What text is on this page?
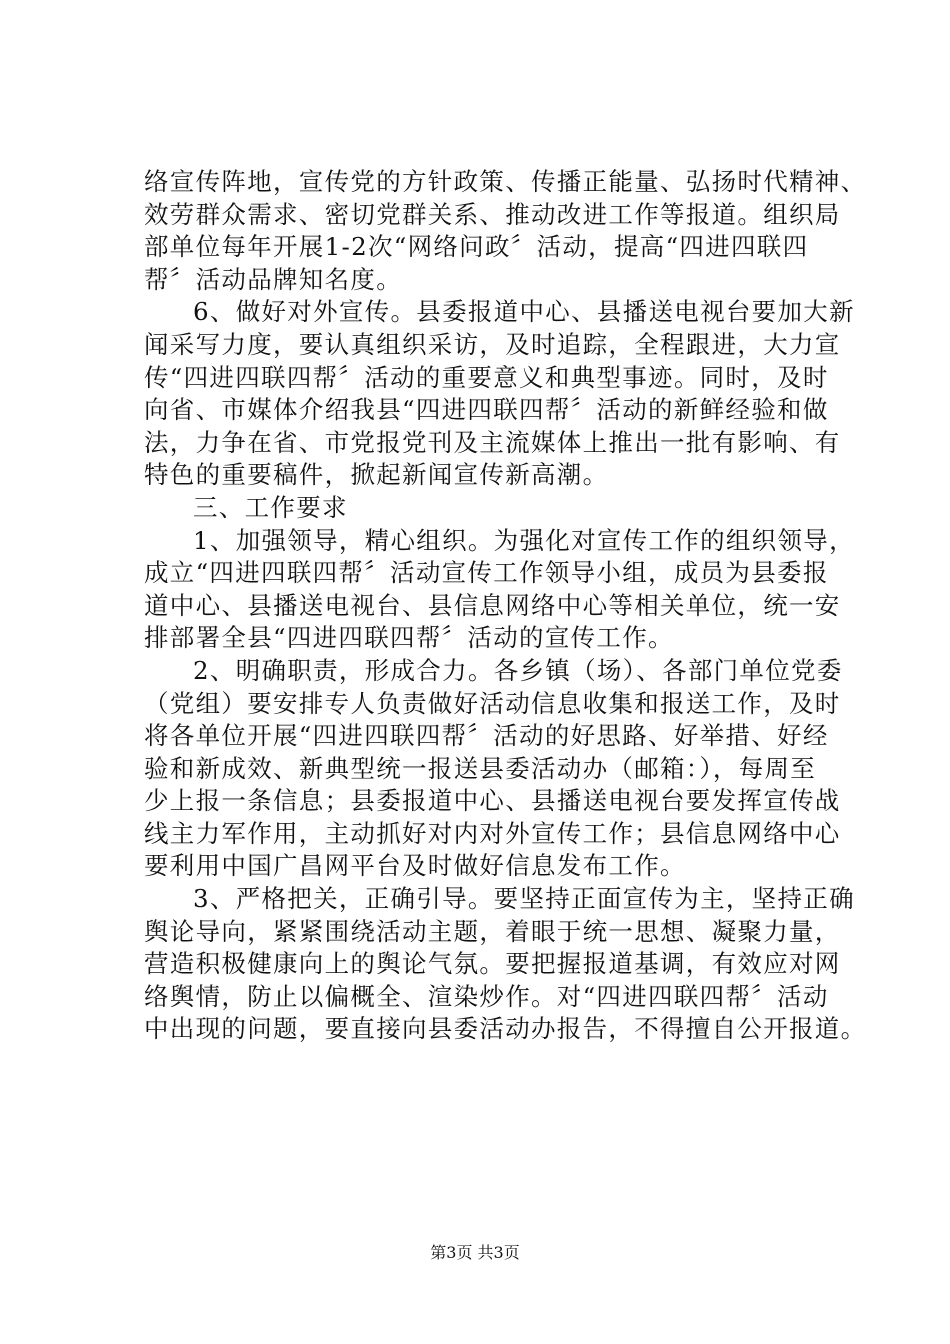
络宣传阵地，宣传党的方针政策、传播正能量、弘扬时代精神、
效劳群众需求、密切党群关系、推动改进工作等报道。组织局
部单位每年开展1-2次“网络问政〞活动，提高“四进四联四
帮〞活动品牌知名度。
6、做好对外宣传。县委报道中心、县播送电视台要加大新
闻采写力度，要认真组织采访，及时追踪，全程跟进，大力宣
传“四进四联四帮〞活动的重要意义和典型事迹。同时，及时
向省、市媒体介绍我县“四进四联四帮〞活动的新鲜经验和做
法，力争在省、市党报党刊及主流媒体上推出一批有影响、有
特色的重要稿件，掀起新闻宣传新高潮。
三、工作要求
1、加强领导，精心组织。为强化对宣传工作的组织领导，
成立“四进四联四帮〞活动宣传工作领导小组，成员为县委报
道中心、县播送电视台、县信息网络中心等相关单位，统一安
排部署全县“四进四联四帮〞活动的宣传工作。
2、明确职责，形成合力。各乡镇（场）、各部门单位党委
（党组）要安排专人负责做好活动信息收集和报送工作，及时
将各单位开展“四进四联四帮〞活动的好思路、好举措、好经
验和新成效、新典型统一报送县委活动办（邮箱：），每周至
少上报一条信息；县委报道中心、县播送电视台要发挥宣传战
线主力军作用，主动抓好对内对外宣传工作；县信息网络中心
要利用中国广昌网平台及时做好信息发布工作。
3、严格把关，正确引导。要坚持正面宣传为主，坚持正确
舆论导向，紧紧围绕活动主题，着眼于统一思想、凝聚力量，
营造积极健康向上的舆论气氛。要把握报道基调，有效应对网
络舆情，防止以偏概全、渲染炒作。对“四进四联四帮〞活动
中出现的问题，要直接向县委活动办报告，不得擅自公开报道。
第3页 共3页
